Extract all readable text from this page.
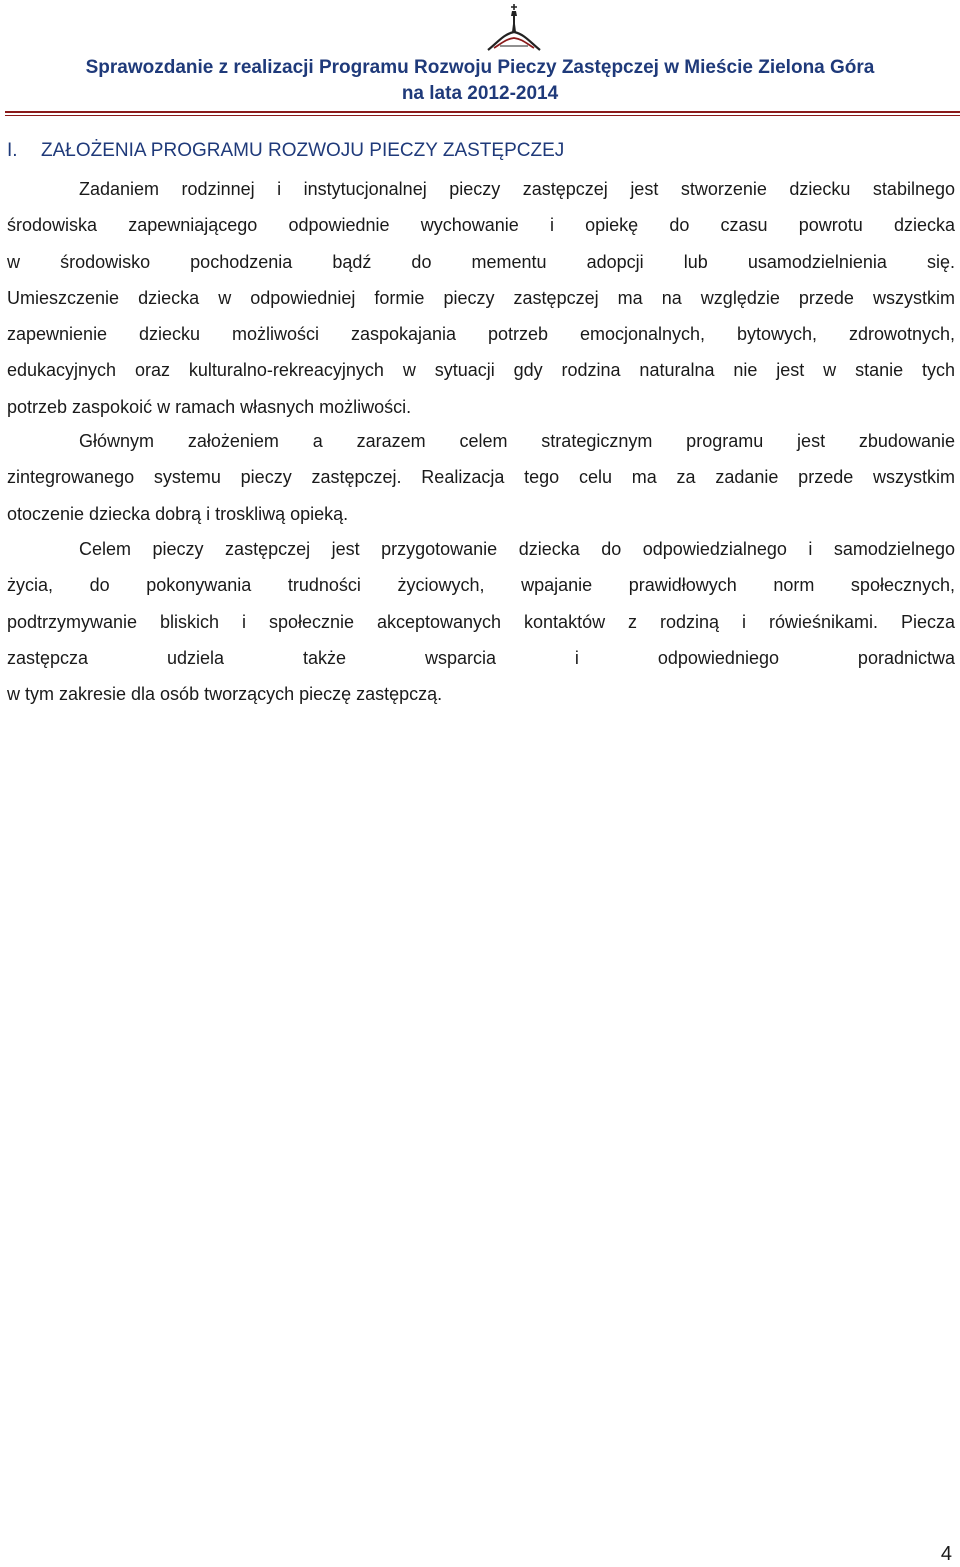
Sprawozdanie z realizacji Programu Rozwoju Pieczy Zastępczej w Mieście Zielona Góra
na lata 2012-2014
I. ZAŁOŻENIA PROGRAMU ROZWOJU PIECZY ZASTĘPCZEJ
Zadaniem rodzinnej i instytucjonalnej pieczy zastępczej jest stworzenie dziecku stabilnego
środowiska zapewniającego odpowiednie wychowanie i opiekę do czasu powrotu dziecka
w środowisko pochodzenia bądź do mementu adopcji lub usamodzielnienia się.
Umieszczenie dziecka w odpowiedniej formie pieczy zastępczej ma na względzie przede wszystkim
zapewnienie dziecku możliwości zaspokajania potrzeb emocjonalnych, bytowych, zdrowotnych,
edukacyjnych oraz kulturalno-rekreacyjnych w sytuacji gdy rodzina naturalna nie jest w stanie tych
potrzeb zaspokoić w ramach własnych możliwości.
Głównym założeniem a zarazem celem strategicznym programu jest zbudowanie
zintegrowanego systemu pieczy zastępczej. Realizacja tego celu ma za zadanie przede wszystkim
otoczenie dziecka dobrą i troskliwą opieką.
Celem pieczy zastępczej jest przygotowanie dziecka do odpowiedzialnego i samodzielnego
życia, do pokonywania trudności życiowych, wpajanie prawidłowych norm społecznych,
podtrzymywanie bliskich i społecznie akceptowanych kontaktów z rodziną i rówieśnikami. Piecza
zastępcza udziela także wsparcia i odpowiedniego poradnictwa
w tym zakresie dla osób tworzących pieczę zastępczą.
4
